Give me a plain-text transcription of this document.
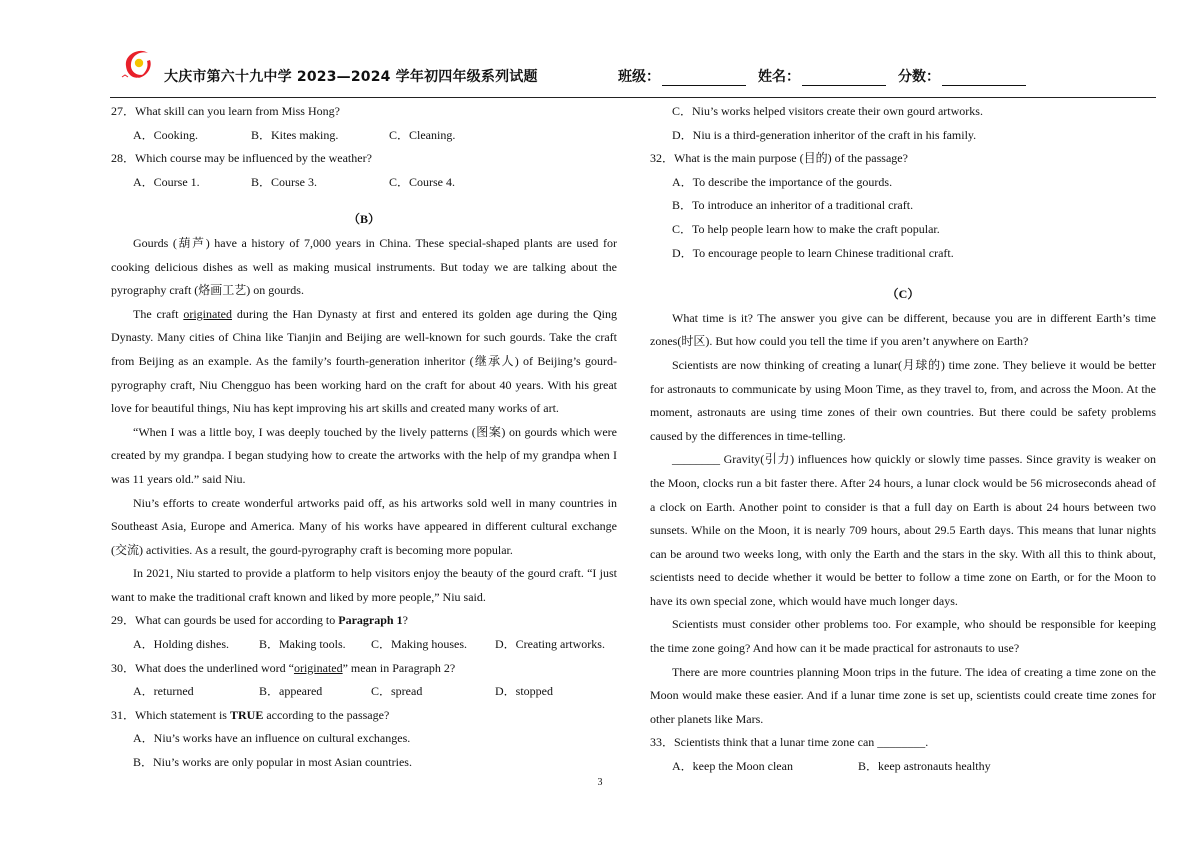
大庆市第六十九中学 2023—2024 学年初四年级系列试题	班级：	姓名：	分数：

27．What skill can you learn from Miss Hong?

A．Cooking.	B．Kites making.	C．Cleaning.

28．Which course may be influenced by the weather?

A．Course 1.	B．Course 3.	C．Course 4.

（B）

Gourds (葫芦) have a history of 7,000 years in China. These special-shaped plants are used for cooking delicious dishes as well as making musical instruments. But today we are talking about the pyrography craft (烙画工艺) on gourds.

The craft originated during the Han Dynasty at first and entered its golden age during the Qing Dynasty. Many cities of China like Tianjin and Beijing are well-known for such gourds. Take the craft from Beijing as an example. As the family’s fourth-generation inheritor (继承人) of Beijing’s gourd-pyrography craft, Niu Chengguo has been working hard on the craft for about 40 years. With his great love for beautiful things, Niu has kept improving his art skills and created many works of art.

“When I was a little boy, I was deeply touched by the lively patterns (图案) on gourds which were created by my grandpa. I began studying how to create the artworks with the help of my grandpa when I was 11 years old.” said Niu.

Niu’s efforts to create wonderful artworks paid off, as his artworks sold well in many countries in Southeast Asia, Europe and America. Many of his works have appeared in different cultural exchange (交流) activities. As a result, the gourd-pyrography craft is becoming more popular.

In 2021, Niu started to provide a platform to help visitors enjoy the beauty of the gourd craft. “I just want to make the traditional craft known and liked by more people,” Niu said.

29．What can gourds be used for according to Paragraph 1?

A．Holding dishes.	B．Making tools.	C．Making houses.	D．Creating artworks.

30．What does the underlined word “originated” mean in Paragraph 2?

A．returned	B．appeared	C．spread	D．stopped

31．Which statement is TRUE according to the passage?

A．Niu’s works have an influence on cultural exchanges.

B．Niu’s works are only popular in most Asian countries.

C．Niu’s works helped visitors create their own gourd artworks.

D．Niu is a third-generation inheritor of the craft in his family.

32．What is the main purpose (目的) of the passage?

A．To describe the importance of the gourds.

B．To introduce an inheritor of a traditional craft.

C．To help people learn how to make the craft popular.

D．To encourage people to learn Chinese traditional craft.

（C）

What time is it? The answer you give can be different, because you are in different Earth’s time zones(时区). But how could you tell the time if you aren’t anywhere on Earth?

Scientists are now thinking of creating a lunar(月球的) time zone. They believe it would be better for astronauts to communicate by using Moon Time, as they travel to, from, and across the Moon. At the moment, astronauts are using time zones of their own countries. But there could be safety problems caused by the differences in time-telling.

________ Gravity(引力) influences how quickly or slowly time passes. Since gravity is weaker on the Moon, clocks run a bit faster there. After 24 hours, a lunar clock would be 56 microseconds ahead of a clock on Earth. Another point to consider is that a full day on Earth is about 24 hours between two sunsets. While on the Moon, it is nearly 709 hours, about 29.5 Earth days. This means that lunar nights can be around two weeks long, with only the Earth and the stars in the sky. With all this to think about, scientists need to decide whether it would be better to follow a time zone on Earth, or for the Moon to have its own special zone, which would have much longer days.

Scientists must consider other problems too. For example, who should be responsible for keeping the time zone going? And how can it be made practical for astronauts to use?

There are more countries planning Moon trips in the future. The idea of creating a time zone on the Moon would make these easier. And if a lunar time zone is set up, scientists could create time zones for other planets like Mars.

33．Scientists think that a lunar time zone can ________.

A．keep the Moon clean	B．keep astronauts healthy
3
